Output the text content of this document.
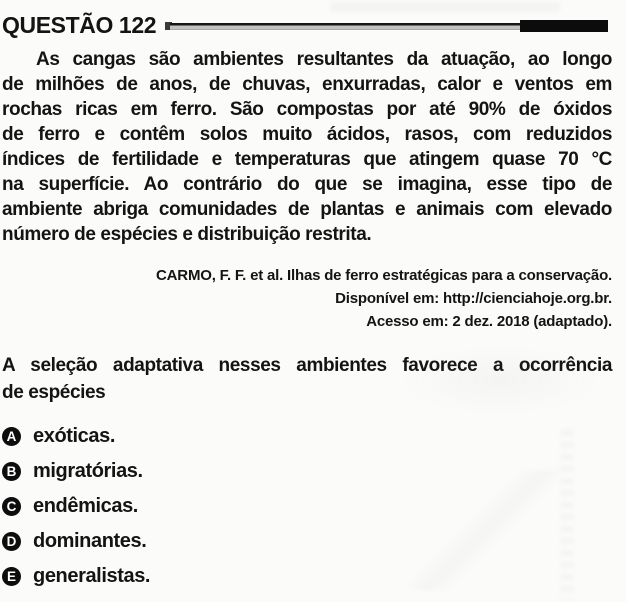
QUESTÃO 122
As cangas são ambientes resultantes da atuação, ao longo
de milhões de anos, de chuvas, enxurradas, calor e ventos em
rochas ricas em ferro. São compostas por até 90% de óxidos
de ferro e contêm solos muito ácidos, rasos, com reduzidos
índices de fertilidade e temperaturas que atingem quase 70 °C
na superfície. Ao contrário do que se imagina, esse tipo de
ambiente abriga comunidades de plantas e animais com elevado
número de espécies e distribuição restrita.
CARMO, F. F. et al. Ilhas de ferro estratégicas para a conservação.
Disponível em: http://cienciahoje.org.br.
Acesso em: 2 dez. 2018 (adaptado).
A seleção adaptativa nesses ambientes favorece a ocorrência
de espécies
A exóticas.
B migratórias.
C endêmicas.
D dominantes.
E generalistas.
